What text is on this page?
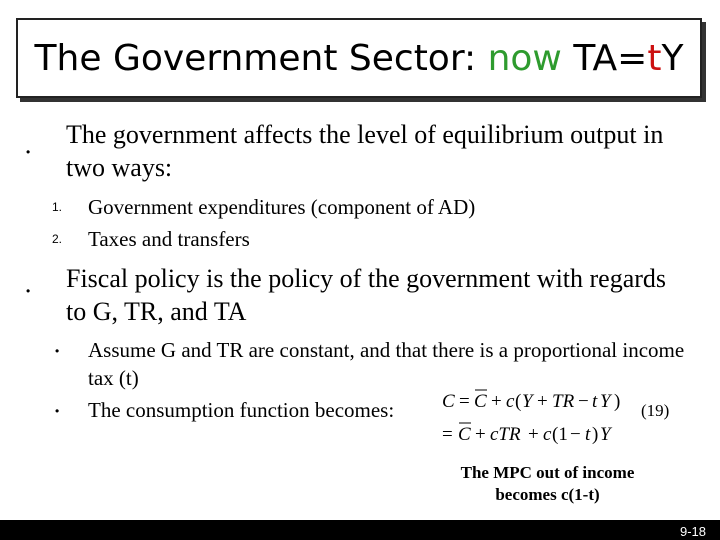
The Government Sector: now TA=tY
•
The government affects the level of equilibrium output in two ways:
1. Government expenditures (component of AD)
2. Taxes and transfers
• Fiscal policy is the policy of the government with regards to G, TR, and TA
• Assume G and TR are constant, and that there is a proportional income tax (t)
• The consumption function becomes:	C = C + c ( Y + TR − t Y )
= C + cTR + c (1 − t ) Y
(19)
The MPC out of income becomes c(1-t)
9-18
